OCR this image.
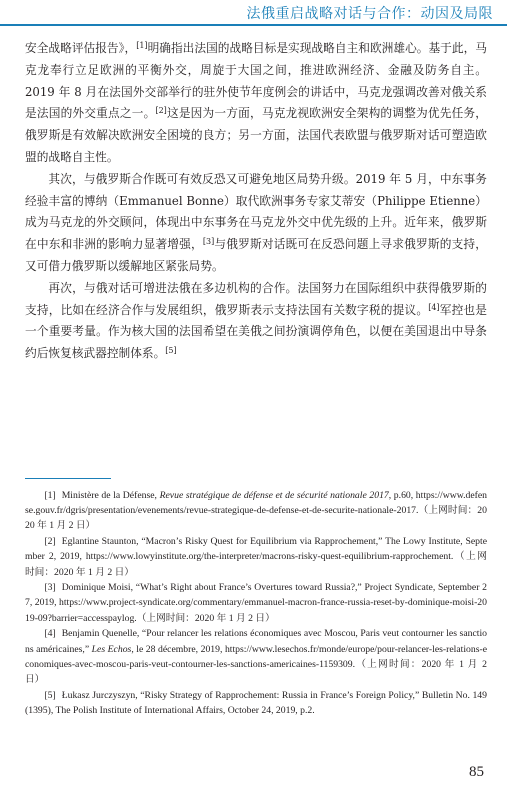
法俄重启战略对话与合作：动因及局限

安全战略评估报告》，[1]明确指出法国的战略目标是实现战略自主和欧洲雄心。基于此，马克龙奉行立足欧洲的平衡外交，周旋于大国之间，推进欧洲经济、金融及防务自主。2019 年 8 月在法国外交部举行的驻外使节年度例会的讲话中，马克龙强调改善对俄关系是法国的外交重点之一。[2]这是因为一方面，马克龙视欧洲安全架构的调整为优先任务，俄罗斯是有效解决欧洲安全困境的良方；另一方面，法国代表欧盟与俄罗斯对话可塑造欧盟的战略自主性。

其次，与俄罗斯合作既可有效反恐又可避免地区局势升级。2019 年 5 月，中东事务经验丰富的博纳（Emmanuel Bonne）取代欧洲事务专家艾蒂安（Philippe Etienne）成为马克龙的外交顾问，体现出中东事务在马克龙外交中优先级的上升。近年来，俄罗斯在中东和非洲的影响力显著增强，[3]与俄罗斯对话既可在反恐问题上寻求俄罗斯的支持，又可借力俄罗斯以缓解地区紧张局势。

再次，与俄对话可增进法俄在多边机构的合作。法国努力在国际组织中获得俄罗斯的支持，比如在经济合作与发展组织，俄罗斯表示支持法国有关数字税的提议。[4]军控也是一个重要考量。作为核大国的法国希望在美俄之间扮演调停角色，以便在美国退出中导条约后恢复核武器控制体系。[5]

[1] Ministère de la Défense, Revue stratégique de défense et de sécurité nationale 2017, p.60, https://www.defense.gouv.fr/dgris/presentation/evenements/revue-strategique-de-defense-et-de-securite-nationale-2017.（上网时间：2020 年 1 月 2 日）

[2] Eglantine Staunton, “Macron’s Risky Quest for Equilibrium via Rapprochement,” The Lowy Institute, September 2, 2019, https://www.lowyinstitute.org/the-interpreter/macrons-risky-quest-equilibrium-rapprochement.（上网时间：2020 年 1 月 2 日）

[3] Dominique Moisi, “What’s Right about France’s Overtures toward Russia?,” Project Syndicate, September 27, 2019, https://www.project-syndicate.org/commentary/emmanuel-macron-france-russia-reset-by-dominique-moisi-2019-09?barrier=accesspaylog.（上网时间：2020 年 1 月 2 日）

[4] Benjamin Quenelle, “Pour relancer les relations économiques avec Moscou, Paris veut contourner les sanctions américaines,” Les Echos, le 28 décembre, 2019, https://www.lesechos.fr/monde/europe/pour-relancer-les-relations-economiques-avec-moscou-paris-veut-contourner-les-sanctions-americaines-1159309.（上网时间：2020 年 1 月 2 日）

[5] Łukasz Jurczyszyn, “Risky Strategy of Rapprochement: Russia in France’s Foreign Policy,” Bulletin No. 149(1395), The Polish Institute of International Affairs, October 24, 2019, p.2.

85
